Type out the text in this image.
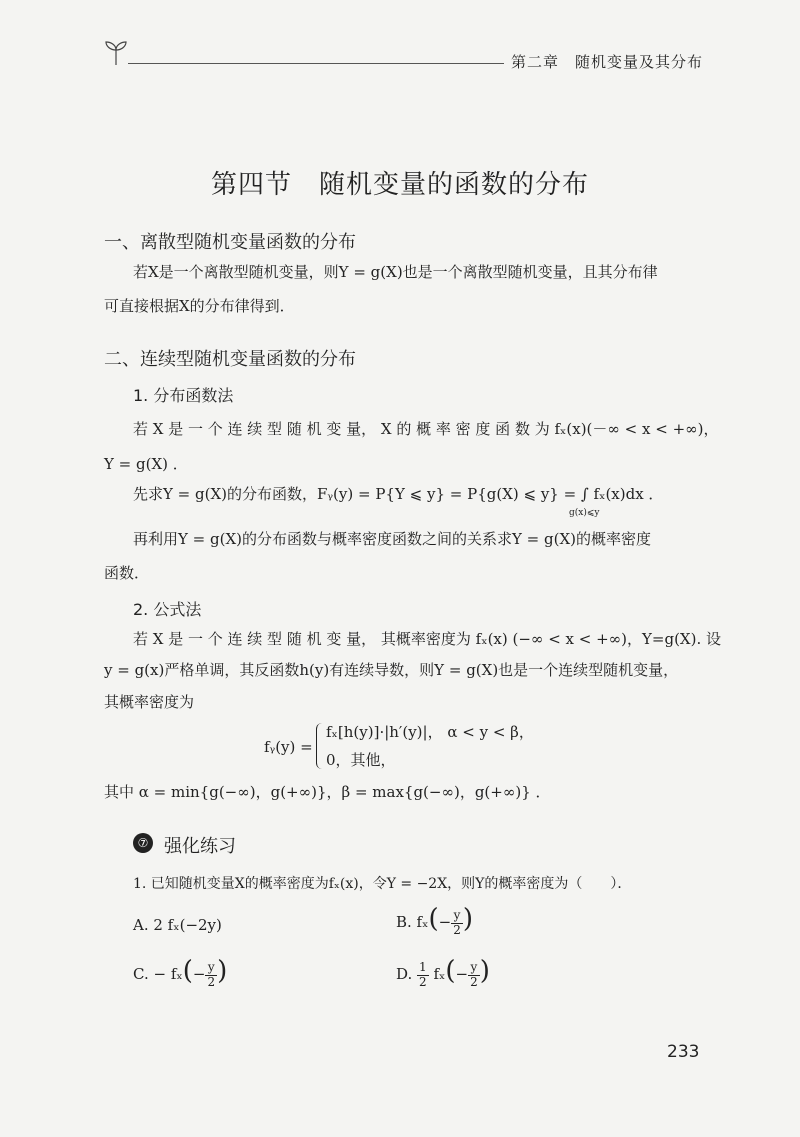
第二章　随机变量及其分布
第四节　随机变量的函数的分布
一、离散型随机变量函数的分布
若X是一个离散型随机变量，则Y = g(X)也是一个离散型随机变量，且其分布律
可直接根据X的分布律得到．
二、连续型随机变量函数的分布
1. 分布函数法
若 X 是 一 个 连 续 型 随 机 变 量， X 的 概 率 密 度 函 数 为 fₓ(x)(－∞ < x < +∞)，
Y = g(X) ．
先求Y = g(X)的分布函数，Fᵧ(y) = P{Y ⩽ y} = P{g(X) ⩽ y} = ∫ fₓ(x)dx ．
g(x)⩽y
再利用Y = g(X)的分布函数与概率密度函数之间的关系求Y = g(X)的概率密度
函数．
2. 公式法
若 X 是 一 个 连 续 型 随 机 变 量， 其概率密度为 fₓ(x) (−∞ < x < +∞)，Y=g(X). 设
y = g(x)严格单调，其反函数h(y)有连续导数，则Y = g(X)也是一个连续型随机变量，
其概率密度为
fᵧ(y) =
fₓ[h(y)]·|h′(y)|， α < y < β，
0，其他，
其中 α = min{g(−∞)，g(+∞)}，β = max{g(−∞)，g(+∞)} ．
⑦ 强化练习
1. 已知随机变量X的概率密度为fₓ(x)，令Y = −2X，则Y的概率密度为（　　）．
A. 2 fₓ(−2y)	B. $f_x(- \frac{y}{2}$ )
C. − $f_x(- \frac{y}{2}$ )	D. $\frac{1}{2} f_x(- \frac{y}{2}$ )
233
